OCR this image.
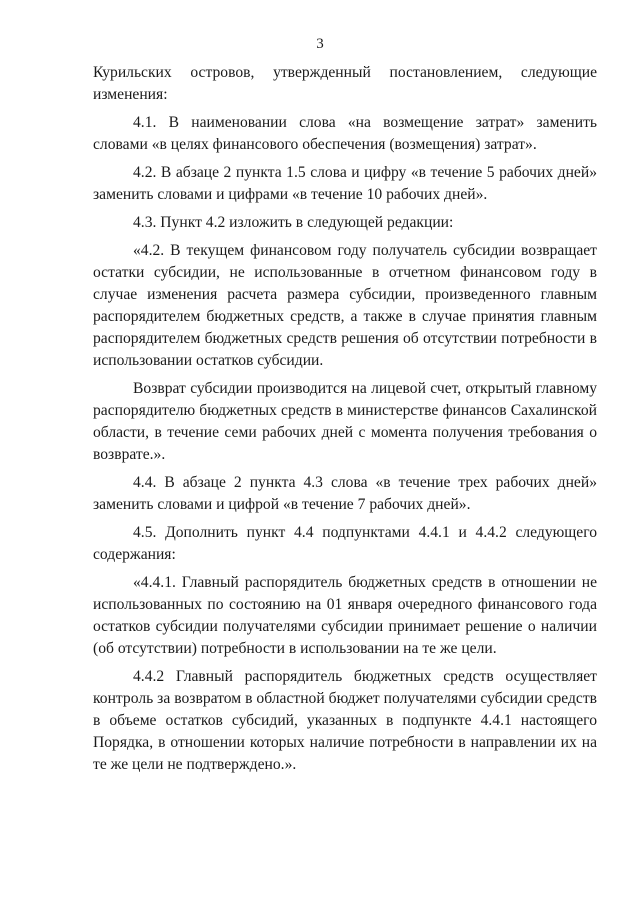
3

Курильских островов, утвержденный постановлением, следующие изменения:

4.1. В наименовании слова «на возмещение затрат» заменить словами «в целях финансового обеспечения (возмещения) затрат».

4.2. В абзаце 2 пункта 1.5 слова и цифру «в течение 5 рабочих дней» заменить словами и цифрами «в течение 10 рабочих дней».

4.3. Пункт 4.2 изложить в следующей редакции:

«4.2. В текущем финансовом году получатель субсидии возвращает остатки субсидии, не использованные в отчетном финансовом году в случае изменения расчета размера субсидии, произведенного главным распорядителем бюджетных средств, а также в случае принятия главным распорядителем бюджетных средств решения об отсутствии потребности в использовании остатков субсидии.

Возврат субсидии производится на лицевой счет, открытый главному распорядителю бюджетных средств в министерстве финансов Сахалинской области, в течение семи рабочих дней с момента получения требования о возврате.».

4.4. В абзаце 2 пункта 4.3 слова «в течение трех рабочих дней» заменить словами и цифрой «в течение 7 рабочих дней».

4.5. Дополнить пункт 4.4 подпунктами 4.4.1 и 4.4.2 следующего содержания:

«4.4.1. Главный распорядитель бюджетных средств в отношении не использованных по состоянию на 01 января очередного финансового года остатков субсидии получателями субсидии принимает решение о наличии (об отсутствии) потребности в использовании на те же цели.

4.4.2 Главный распорядитель бюджетных средств осуществляет контроль за возвратом в областной бюджет получателями субсидии средств в объеме остатков субсидий, указанных в подпункте 4.4.1 настоящего Порядка, в отношении которых наличие потребности в направлении их на те же цели не подтверждено.».
